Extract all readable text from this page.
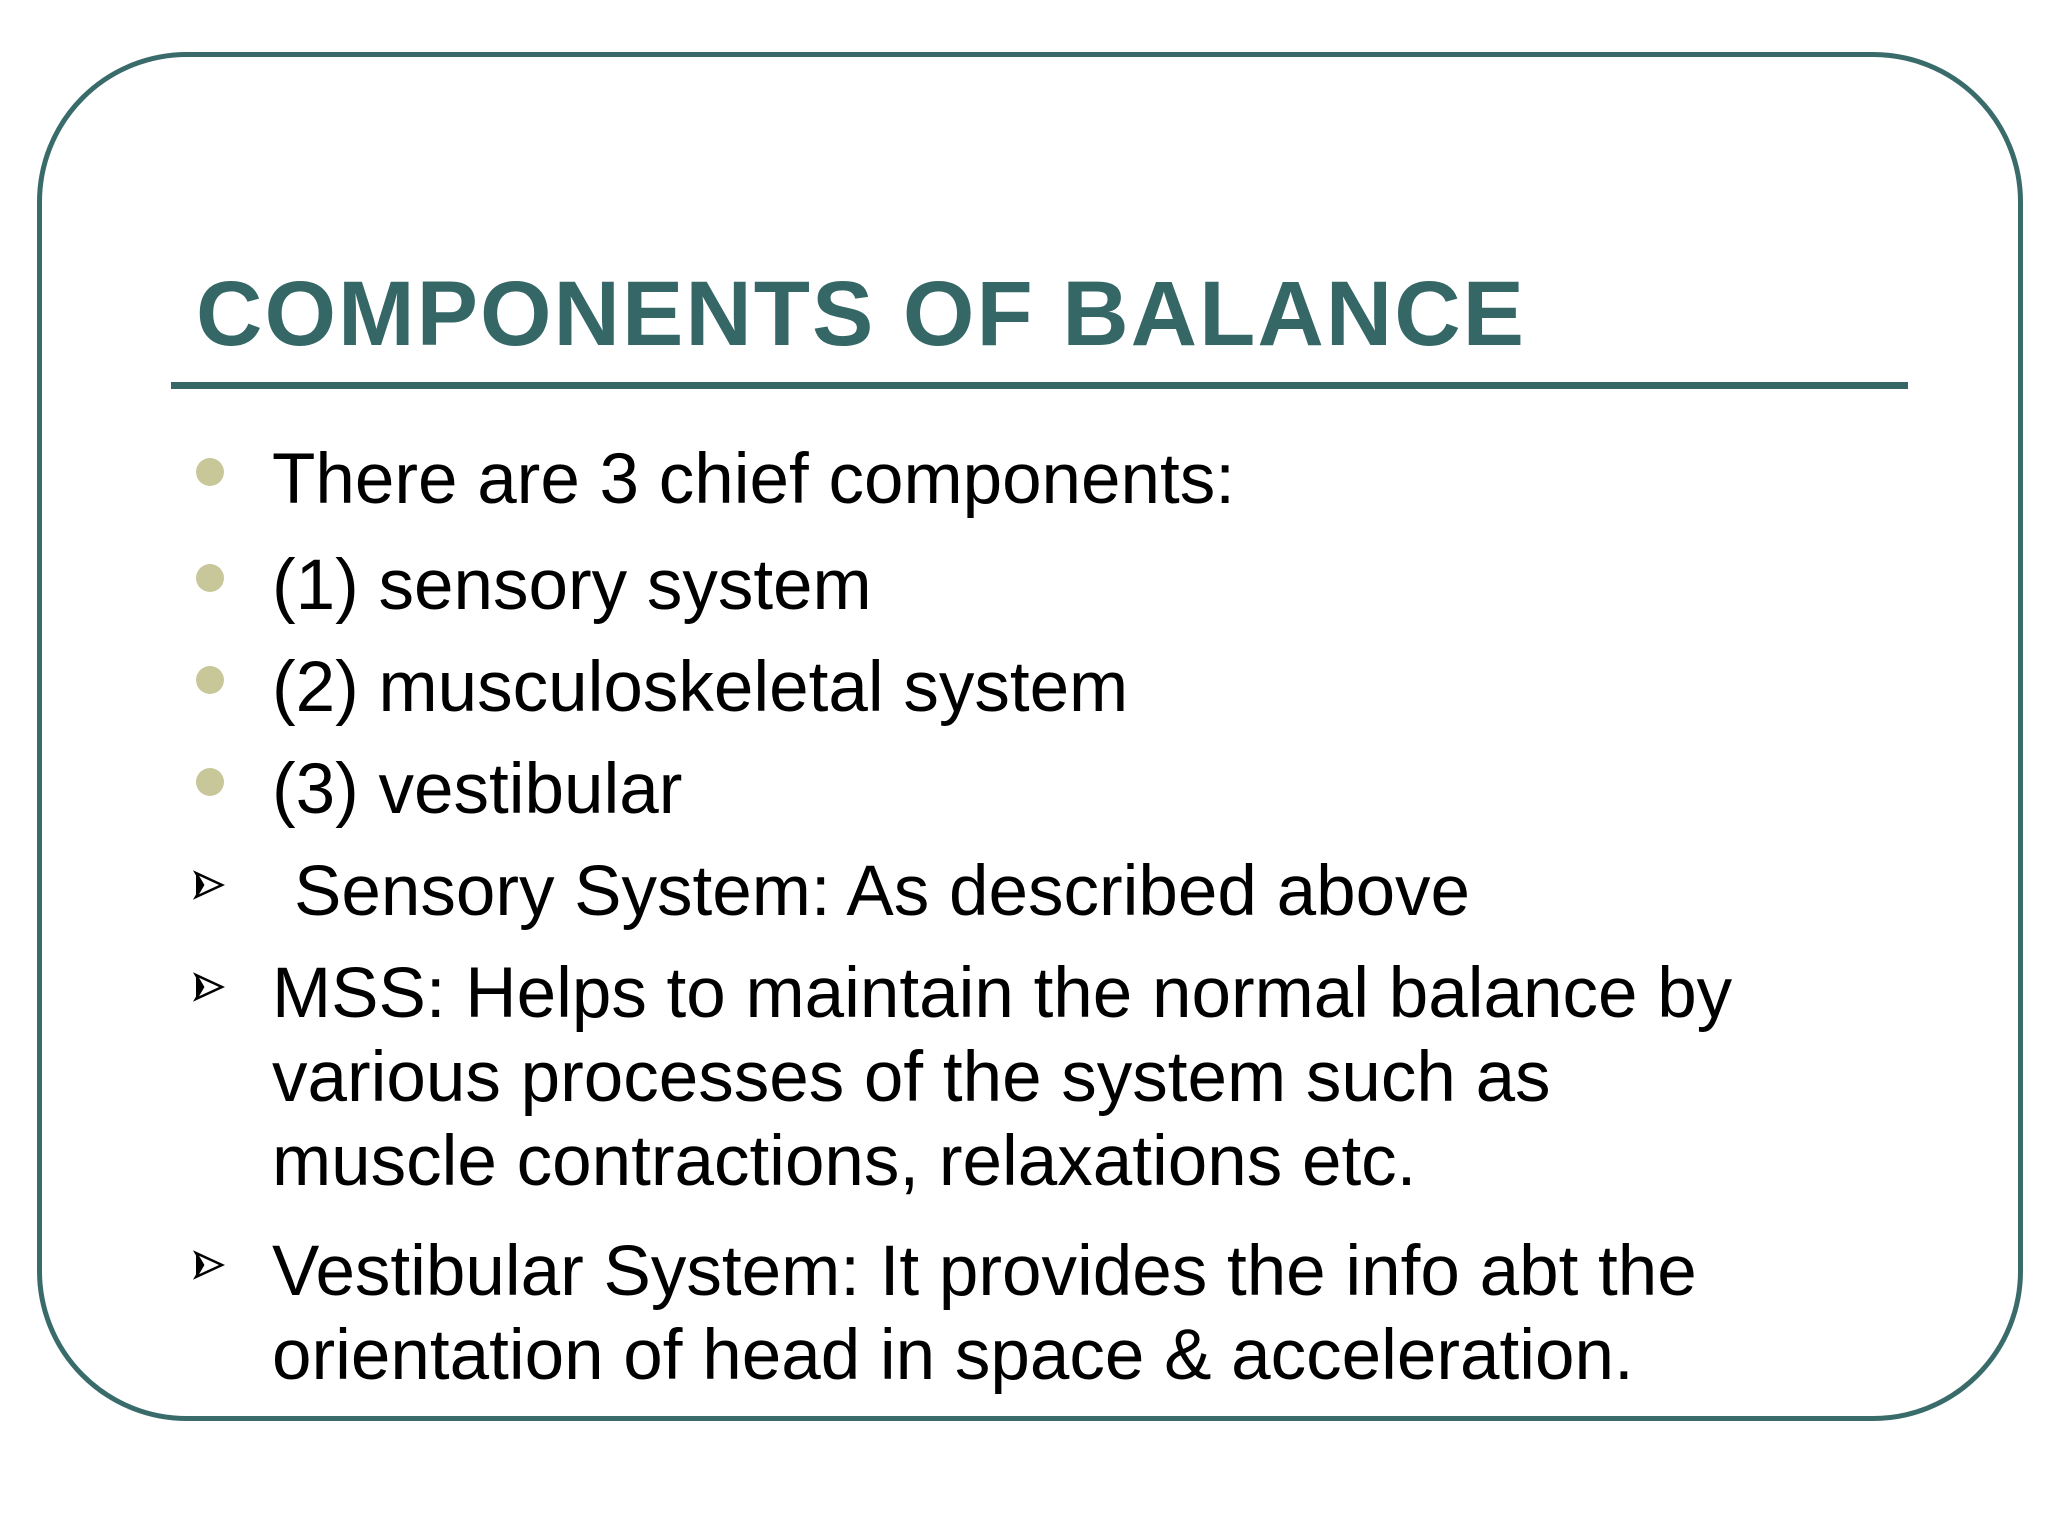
COMPONENTS OF BALANCE
There are 3 chief components:
(1) sensory system
(2) musculoskeletal system
(3) vestibular
Sensory System: As described above
MSS: Helps to maintain the normal balance by
various processes of the system such as
muscle contractions, relaxations etc.
Vestibular System: It provides the info abt the
orientation of head in space & acceleration.
